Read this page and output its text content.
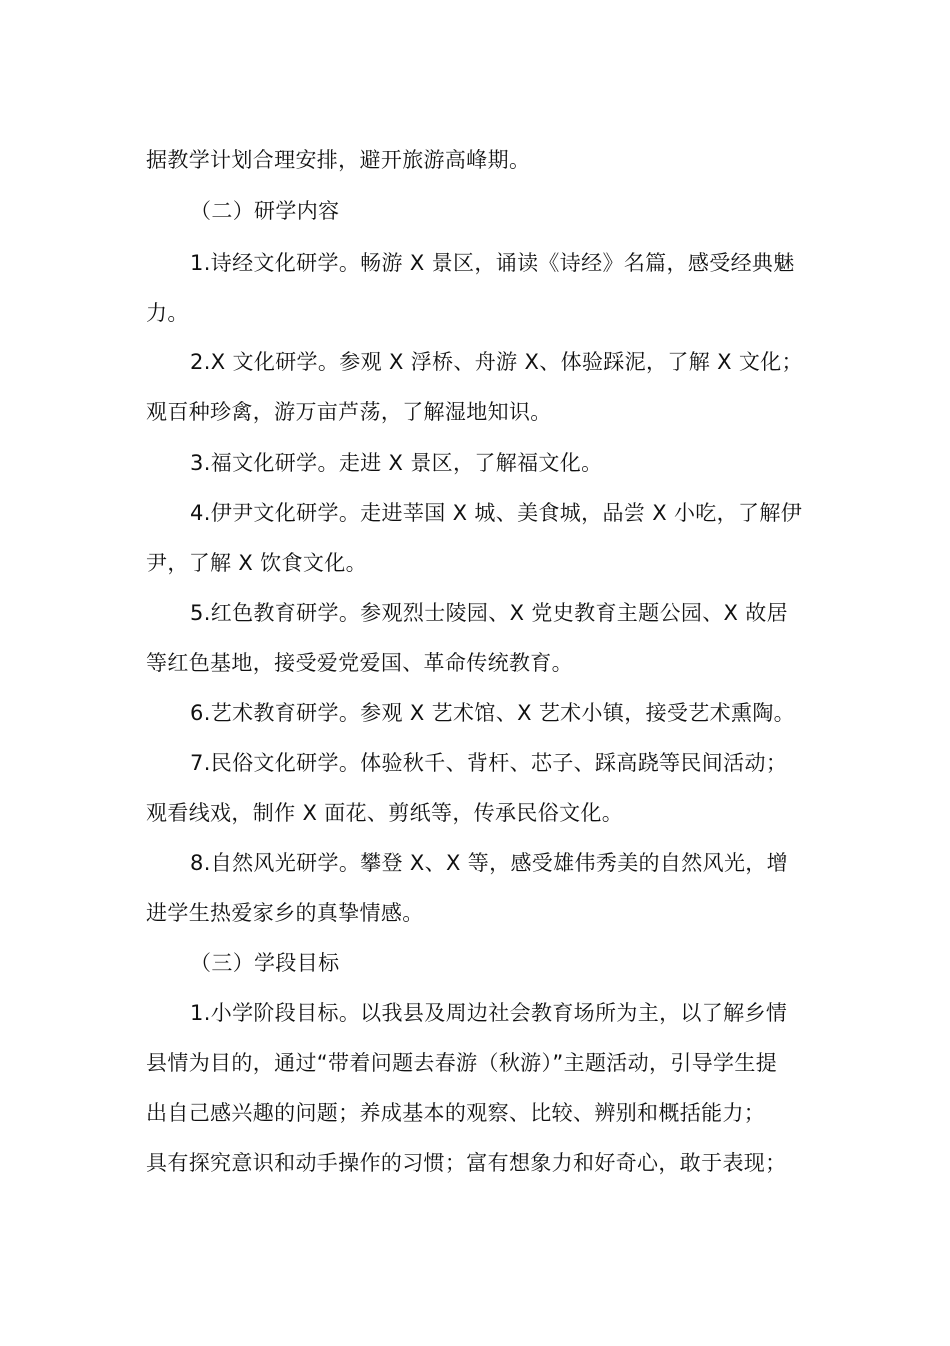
据教学计划合理安排，避开旅游高峰期。
（二）研学内容
1.诗经文化研学。畅游 X 景区，诵读《诗经》名篇，感受经典魅
力。
2.X 文化研学。参观 X 浮桥、舟游 X、体验踩泥，了解 X 文化；
观百种珍禽，游万亩芦荡，了解湿地知识。
3.福文化研学。走进 X 景区，了解福文化。
4.伊尹文化研学。走进莘国 X 城、美食城，品尝 X 小吃，了解伊
尹，了解 X 饮食文化。
5.红色教育研学。参观烈士陵园、X 党史教育主题公园、X 故居
等红色基地，接受爱党爱国、革命传统教育。
6.艺术教育研学。参观 X 艺术馆、X 艺术小镇，接受艺术熏陶。
7.民俗文化研学。体验秋千、背杆、芯子、踩高跷等民间活动；
观看线戏，制作 X 面花、剪纸等，传承民俗文化。
8.自然风光研学。攀登 X、X 等，感受雄伟秀美的自然风光，增
进学生热爱家乡的真挚情感。
（三）学段目标
1.小学阶段目标。以我县及周边社会教育场所为主，以了解乡情
县情为目的，通过“带着问题去春游（秋游）”主题活动，引导学生提
出自己感兴趣的问题；养成基本的观察、比较、辨别和概括能力；
具有探究意识和动手操作的习惯；富有想象力和好奇心，敢于表现；
